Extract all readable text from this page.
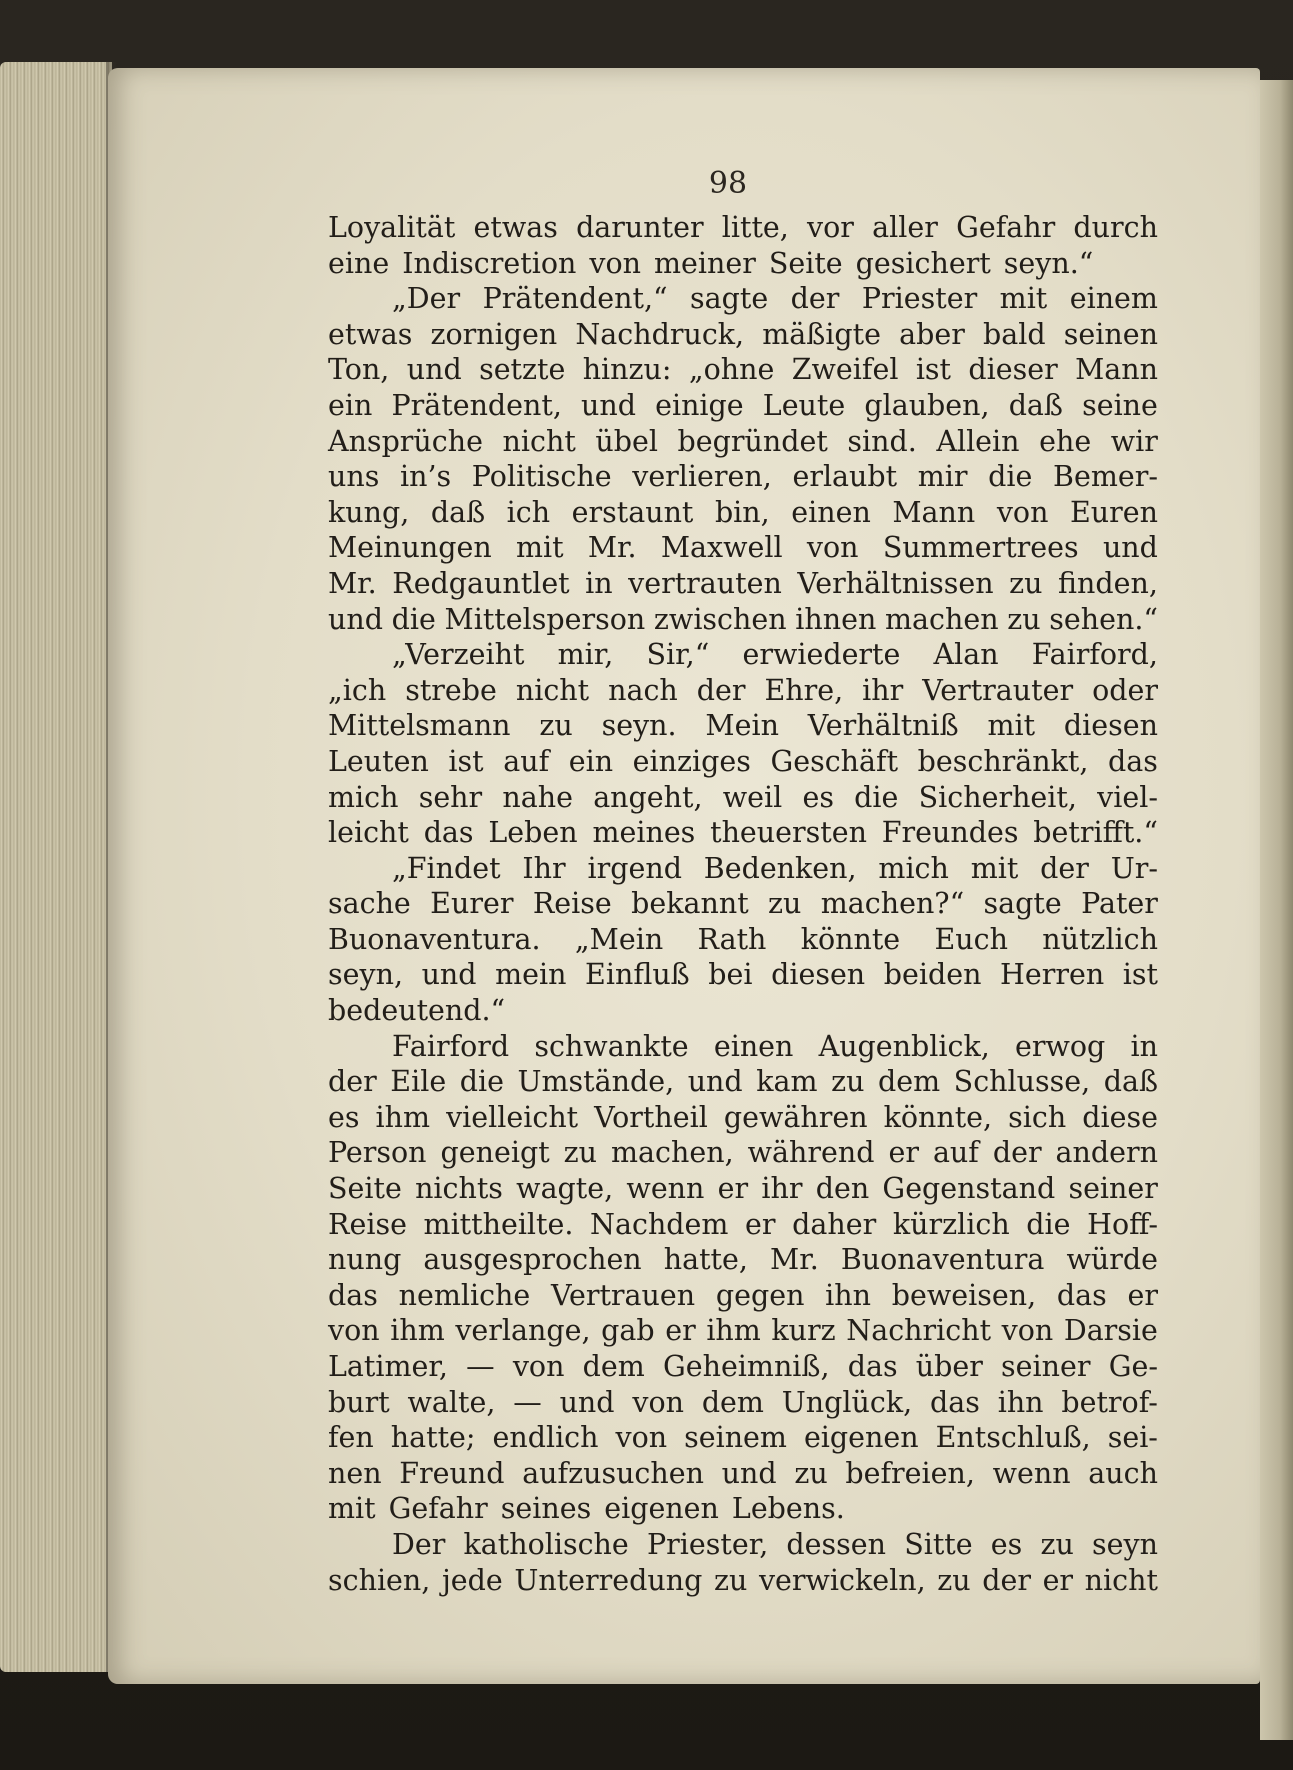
98
Loyalität etwas darunter litte, vor aller Gefahr durch
eine Indiscretion von meiner Seite gesichert seyn.“
„Der Prätendent,“ sagte der Priester mit einem
etwas zornigen Nachdruck, mäßigte aber bald seinen
Ton, und setzte hinzu: „ohne Zweifel ist dieser Mann
ein Prätendent, und einige Leute glauben, daß seine
Ansprüche nicht übel begründet sind. Allein ehe wir
uns in’s Politische verlieren, erlaubt mir die Bemer-
kung, daß ich erstaunt bin, einen Mann von Euren
Meinungen mit Mr. Maxwell von Summertrees und
Mr. Redgauntlet in vertrauten Verhältnissen zu finden,
und die Mittelsperson zwischen ihnen machen zu sehen.“
„Verzeiht mir, Sir,“ erwiederte Alan Fairford,
„ich strebe nicht nach der Ehre, ihr Vertrauter oder
Mittelsmann zu seyn. Mein Verhältniß mit diesen
Leuten ist auf ein einziges Geschäft beschränkt, das
mich sehr nahe angeht, weil es die Sicherheit, viel-
leicht das Leben meines theuersten Freundes betrifft.“
„Findet Ihr irgend Bedenken, mich mit der Ur-
sache Eurer Reise bekannt zu machen?“ sagte Pater
Buonaventura. „Mein Rath könnte Euch nützlich
seyn, und mein Einfluß bei diesen beiden Herren ist
bedeutend.“
Fairford schwankte einen Augenblick, erwog in
der Eile die Umstände, und kam zu dem Schlusse, daß
es ihm vielleicht Vortheil gewähren könnte, sich diese
Person geneigt zu machen, während er auf der andern
Seite nichts wagte, wenn er ihr den Gegenstand seiner
Reise mittheilte. Nachdem er daher kürzlich die Hoff-
nung ausgesprochen hatte, Mr. Buonaventura würde
das nemliche Vertrauen gegen ihn beweisen, das er
von ihm verlange, gab er ihm kurz Nachricht von Darsie
Latimer, — von dem Geheimniß, das über seiner Ge-
burt walte, — und von dem Unglück, das ihn betrof-
fen hatte; endlich von seinem eigenen Entschluß, sei-
nen Freund aufzusuchen und zu befreien, wenn auch
mit Gefahr seines eigenen Lebens.
Der katholische Priester, dessen Sitte es zu seyn
schien, jede Unterredung zu verwickeln, zu der er nicht
